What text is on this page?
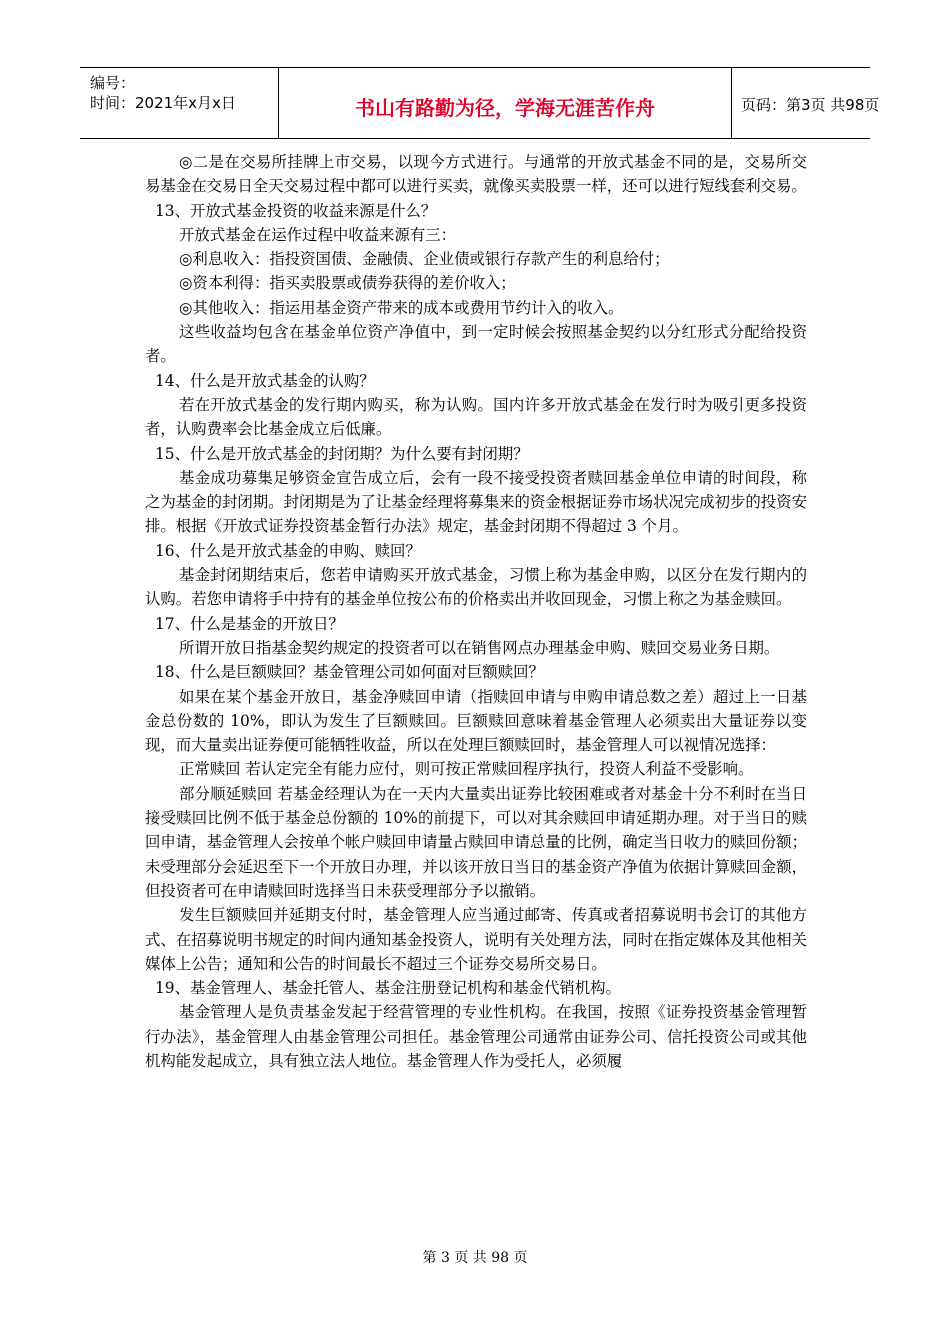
编号：
时间：2021年x月x日	书山有路勤为径，学海无涯苦作舟	页码：第3页 共98页

◎二是在交易所挂牌上市交易，以现今方式进行。与通常的开放式基金不同的是，交易所交易基金在交易日全天交易过程中都可以进行买卖，就像买卖股票一样，还可以进行短线套利交易。

13、开放式基金投资的收益来源是什么？

开放式基金在运作过程中收益来源有三：

◎利息收入：指投资国债、金融债、企业债或银行存款产生的利息给付；

◎资本利得：指买卖股票或债券获得的差价收入；

◎其他收入：指运用基金资产带来的成本或费用节约计入的收入。

这些收益均包含在基金单位资产净值中，到一定时候会按照基金契约以分红形式分配给投资者。

14、什么是开放式基金的认购？

若在开放式基金的发行期内购买，称为认购。国内许多开放式基金在发行时为吸引更多投资者，认购费率会比基金成立后低廉。

15、什么是开放式基金的封闭期？为什么要有封闭期？

基金成功募集足够资金宣告成立后，会有一段不接受投资者赎回基金单位申请的时间段，称之为基金的封闭期。封闭期是为了让基金经理将募集来的资金根据证券市场状况完成初步的投资安排。根据《开放式证券投资基金暂行办法》规定，基金封闭期不得超过 3 个月。

16、什么是开放式基金的申购、赎回？

基金封闭期结束后，您若申请购买开放式基金，习惯上称为基金申购，以区分在发行期内的认购。若您申请将手中持有的基金单位按公布的价格卖出并收回现金，习惯上称之为基金赎回。

17、什么是基金的开放日？

所谓开放日指基金契约规定的投资者可以在销售网点办理基金申购、赎回交易业务日期。

18、什么是巨额赎回？基金管理公司如何面对巨额赎回？

如果在某个基金开放日，基金净赎回申请（指赎回申请与申购申请总数之差）超过上一日基金总份数的 10%，即认为发生了巨额赎回。巨额赎回意味着基金管理人必须卖出大量证券以变现，而大量卖出证券便可能牺牲收益，所以在处理巨额赎回时，基金管理人可以视情况选择：

正常赎回 若认定完全有能力应付，则可按正常赎回程序执行，投资人利益不受影响。

部分顺延赎回 若基金经理认为在一天内大量卖出证券比较困难或者对基金十分不利时在当日接受赎回比例不低于基金总份额的 10%的前提下，可以对其余赎回申请延期办理。对于当日的赎回申请，基金管理人会按单个帐户赎回申请量占赎回申请总量的比例，确定当日收力的赎回份额；未受理部分会延迟至下一个开放日办理，并以该开放日当日的基金资产净值为依据计算赎回金额，但投资者可在申请赎回时选择当日未获受理部分予以撤销。

发生巨额赎回并延期支付时，基金管理人应当通过邮寄、传真或者招募说明书会订的其他方式、在招募说明书规定的时间内通知基金投资人，说明有关处理方法，同时在指定媒体及其他相关媒体上公告；通知和公告的时间最长不超过三个证券交易所交易日。

19、基金管理人、基金托管人、基金注册登记机构和基金代销机构。

基金管理人是负责基金发起于经营管理的专业性机构。在我国，按照《证券投资基金管理暂行办法》，基金管理人由基金管理公司担任。基金管理公司通常由证券公司、信托投资公司或其他机构能发起成立，具有独立法人地位。基金管理人作为受托人，必须履

第 3 页 共 98 页
